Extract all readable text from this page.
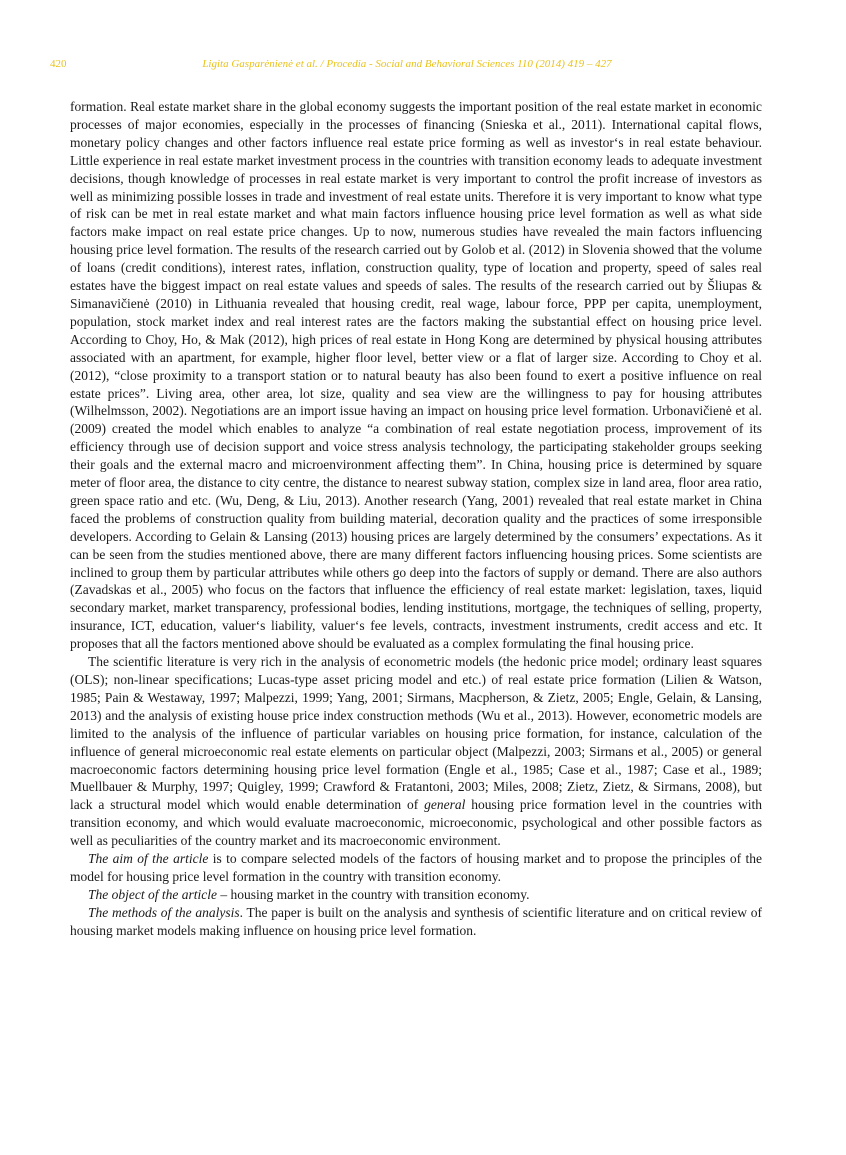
420	Ligita Gasparėnienė et al. / Procedia - Social and Behavioral Sciences 110 (2014) 419 – 427

formation. Real estate market share in the global economy suggests the important position of the real estate market in economic processes of major economies, especially in the processes of financing (Snieska et al., 2011). International capital flows, monetary policy changes and other factors influence real estate price forming as well as investor‘s in real estate behaviour. Little experience in real estate market investment process in the countries with transition economy leads to adequate investment decisions, though knowledge of processes in real estate market is very important to control the profit increase of investors as well as minimizing possible losses in trade and investment of real estate units. Therefore it is very important to know what type of risk can be met in real estate market and what main factors influence housing price level formation as well as what side factors make impact on real estate price changes. Up to now, numerous studies have revealed the main factors influencing housing price level formation. The results of the research carried out by Golob et al. (2012) in Slovenia showed that the volume of loans (credit conditions), interest rates, inflation, construction quality, type of location and property, speed of sales real estates have the biggest impact on real estate values and speeds of sales. The results of the research carried out by Šliupas & Simanavičienė (2010) in Lithuania revealed that housing credit, real wage, labour force, PPP per capita, unemployment, population, stock market index and real interest rates are the factors making the substantial effect on housing price level. According to Choy, Ho, & Mak (2012), high prices of real estate in Hong Kong are determined by physical housing attributes associated with an apartment, for example, higher floor level, better view or a flat of larger size. According to Choy et al. (2012), “close proximity to a transport station or to natural beauty has also been found to exert a positive influence on real estate prices”. Living area, other area, lot size, quality and sea view are the willingness to pay for housing attributes (Wilhelmsson, 2002). Negotiations are an import issue having an impact on housing price level formation. Urbonavičienė et al. (2009) created the model which enables to analyze “a combination of real estate negotiation process, improvement of its efficiency through use of decision support and voice stress analysis technology, the participating stakeholder groups seeking their goals and the external macro and microenvironment affecting them”. In China, housing price is determined by square meter of floor area, the distance to city centre, the distance to nearest subway station, complex size in land area, floor area ratio, green space ratio and etc. (Wu, Deng, & Liu, 2013). Another research (Yang, 2001) revealed that real estate market in China faced the problems of construction quality from building material, decoration quality and the practices of some irresponsible developers. According to Gelain & Lansing (2013) housing prices are largely determined by the consumers’ expectations. As it can be seen from the studies mentioned above, there are many different factors influencing housing prices. Some scientists are inclined to group them by particular attributes while others go deep into the factors of supply or demand. There are also authors (Zavadskas et al., 2005) who focus on the factors that influence the efficiency of real estate market: legislation, taxes, liquid secondary market, market transparency, professional bodies, lending institutions, mortgage, the techniques of selling, property, insurance, ICT, education, valuer‘s liability, valuer‘s fee levels, contracts, investment instruments, credit access and etc. It proposes that all the factors mentioned above should be evaluated as a complex formulating the final housing price.

The scientific literature is very rich in the analysis of econometric models (the hedonic price model; ordinary least squares (OLS); non-linear specifications; Lucas-type asset pricing model and etc.) of real estate price formation (Lilien & Watson, 1985; Pain & Westaway, 1997; Malpezzi, 1999; Yang, 2001; Sirmans, Macpherson, & Zietz, 2005; Engle, Gelain, & Lansing, 2013) and the analysis of existing house price index construction methods (Wu et al., 2013). However, econometric models are limited to the analysis of the influence of particular variables on housing price formation, for instance, calculation of the influence of general microeconomic real estate elements on particular object (Malpezzi, 2003; Sirmans et al., 2005) or general macroeconomic factors determining housing price level formation (Engle et al., 1985; Case et al., 1987; Case et al., 1989; Muellbauer & Murphy, 1997; Quigley, 1999; Crawford & Fratantoni, 2003; Miles, 2008; Zietz, Zietz, & Sirmans, 2008), but lack a structural model which would enable determination of general housing price formation level in the countries with transition economy, and which would evaluate macroeconomic, microeconomic, psychological and other possible factors as well as peculiarities of the country market and its macroeconomic environment.

The aim of the article is to compare selected models of the factors of housing market and to propose the principles of the model for housing price level formation in the country with transition economy.

The object of the article – housing market in the country with transition economy.

The methods of the analysis. The paper is built on the analysis and synthesis of scientific literature and on critical review of housing market models making influence on housing price level formation.
